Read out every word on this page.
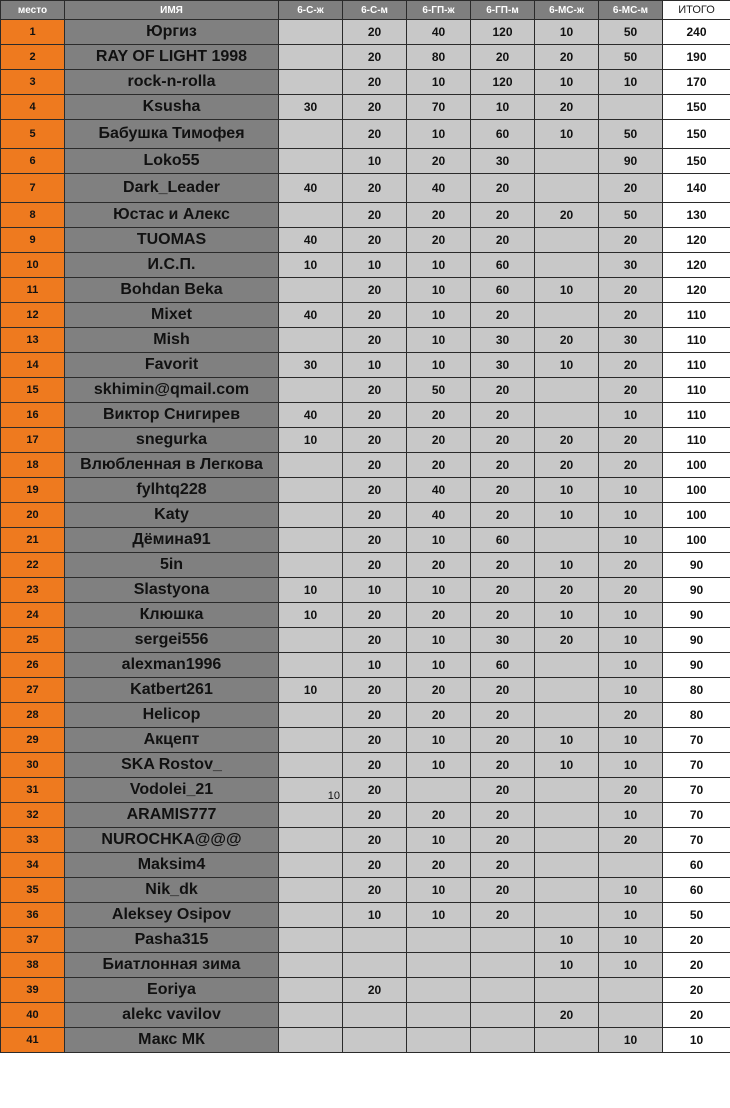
место	ИМЯ	6-С-ж	6-С-м	6-ГП-ж	6-ГП-м	6-МС-ж	6-МС-м	ИТОГО
1	Юргиз		20	40	120	10	50	240
2	RAY OF LIGHT 1998		20	80	20	20	50	190
3	rock-n-rolla		20	10	120	10	10	170
4	Ksusha	30	20	70	10	20		150
5	Бабушка Тимофея		20	10	60	10	50	150
6	Loko55		10	20	30		90	150
7	Dark_Leader	40	20	40	20		20	140
8	Юстас и Алекс		20	20	20	20	50	130
9	TUOMAS	40	20	20	20		20	120
10	И.С.П.	10	10	10	60		30	120
11	Bohdan Beka		20	10	60	10	20	120
12	Mixet	40	20	10	20		20	110
13	Mish		20	10	30	20	30	110
14	Favorit	30	10	10	30	10	20	110
15	skhimin@qmail.com		20	50	20		20	110
16	Виктор Снигирев	40	20	20	20		10	110
17	snegurka	10	20	20	20	20	20	110
18	Влюбленная в Легкова		20	20	20	20	20	100
19	fylhtq228		20	40	20	10	10	100
20	Katy		20	40	20	10	10	100
21	Дёмина91		20	10	60		10	100
22	5in		20	20	20	10	20	90
23	Slastyona	10	10	10	20	20	20	90
24	Клюшка	10	20	20	20	10	10	90
25	sergei556		20	10	30	20	10	90
26	alexman1996		10	10	60		10	90
27	Katbert261	10	20	20	20		10	80
28	Helicop		20	20	20		20	80
29	Акцепт		20	10	20	10	10	70
30	SKA Rostov_		20	10	20	10	10	70
31	Vodolei_21	10	20		20		20	70
32	ARAMIS777		20	20	20		10	70
33	NUROCHKA@@@		20	10	20		20	70
34	Maksim4		20	20	20			60
35	Nik_dk		20	10	20		10	60
36	Aleksey Osipov		10	10	20		10	50
37	Pasha315					10	10	20
38	Биатлонная зима					10	10	20
39	Eoriya		20					20
40	alekc vavilov					20		20
41	Макс МК						10	10
